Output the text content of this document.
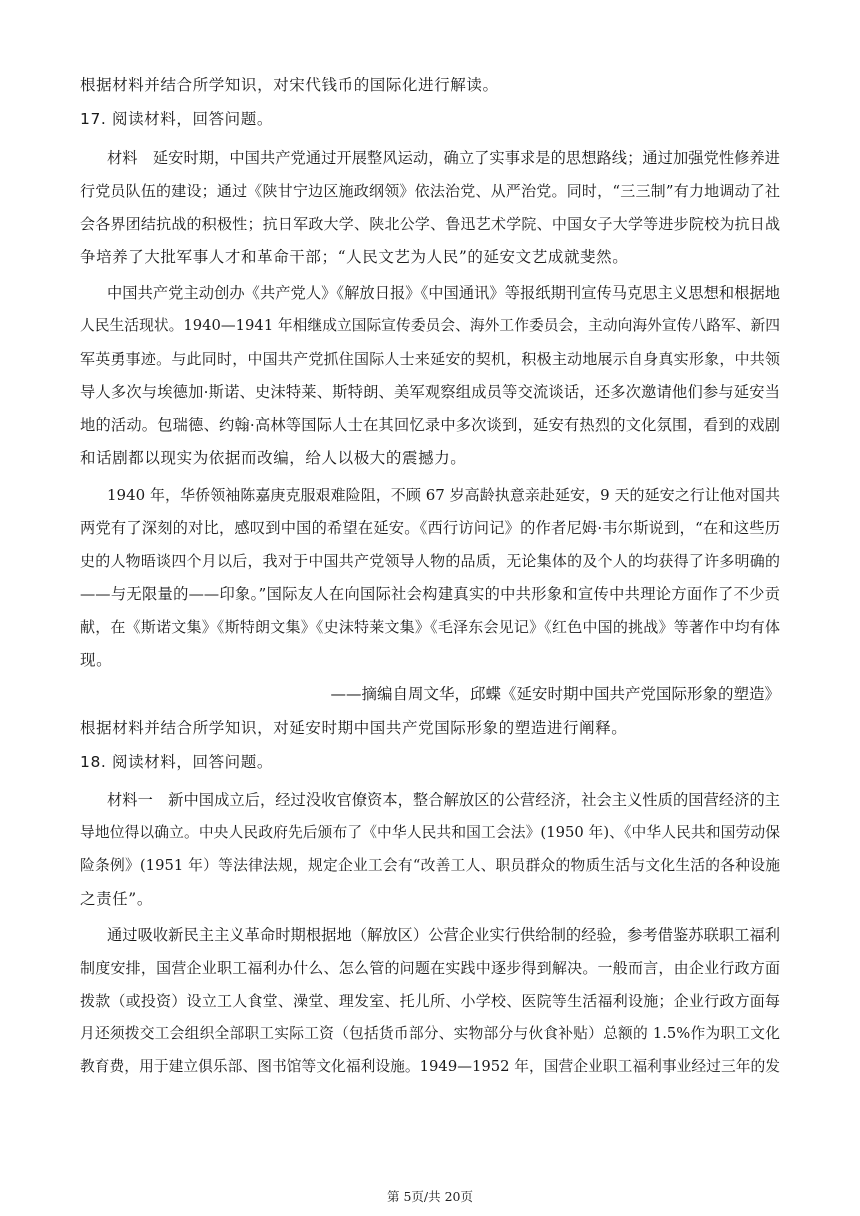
根据材料并结合所学知识，对宋代钱币的国际化进行解读。
17. 阅读材料，回答问题。
材料　延安时期，中国共产党通过开展整风运动，确立了实事求是的思想路线；通过加强党性修养进
行党员队伍的建设；通过《陕甘宁边区施政纲领》依法治党、从严治党。同时，“三三制”有力地调动了社
会各界团结抗战的积极性；抗日军政大学、陕北公学、鲁迅艺术学院、中国女子大学等进步院校为抗日战
争培养了大批军事人才和革命干部；“人民文艺为人民”的延安文艺成就斐然。
中国共产党主动创办《共产党人》《解放日报》《中国通讯》等报纸期刊宣传马克思主义思想和根据地
人民生活现状。1940—1941 年相继成立国际宣传委员会、海外工作委员会，主动向海外宣传八路军、新四
军英勇事迹。与此同时，中国共产党抓住国际人士来延安的契机，积极主动地展示自身真实形象，中共领
导人多次与埃德加·斯诺、史沫特莱、斯特朗、美军观察组成员等交流谈话，还多次邀请他们参与延安当
地的活动。包瑞德、约翰·高林等国际人士在其回忆录中多次谈到，延安有热烈的文化氛围，看到的戏剧
和话剧都以现实为依据而改编，给人以极大的震撼力。
1940 年，华侨领袖陈嘉庚克服艰难险阻，不顾 67 岁高龄执意亲赴延安，9 天的延安之行让他对国共
两党有了深刻的对比，感叹到中国的希望在延安。《西行访问记》的作者尼姆·韦尔斯说到，“在和这些历
史的人物晤谈四个月以后，我对于中国共产党领导人物的品质，无论集体的及个人的均获得了许多明确的
——与无限量的——印象。”国际友人在向国际社会构建真实的中共形象和宣传中共理论方面作了不少贡
献，在《斯诺文集》《斯特朗文集》《史沫特莱文集》《毛泽东会见记》《红色中国的挑战》等著作中均有体
现。
——摘编自周文华，邱蝶《延安时期中国共产党国际形象的塑造》
根据材料并结合所学知识，对延安时期中国共产党国际形象的塑造进行阐释。
18. 阅读材料，回答问题。
材料一　新中国成立后，经过没收官僚资本，整合解放区的公营经济，社会主义性质的国营经济的主
导地位得以确立。中央人民政府先后颁布了《中华人民共和国工会法》(1950 年)、《中华人民共和国劳动保
险条例》(1951 年）等法律法规，规定企业工会有“改善工人、职员群众的物质生活与文化生活的各种设施
之责任”。
通过吸收新民主主义革命时期根据地（解放区）公营企业实行供给制的经验，参考借鉴苏联职工福利
制度安排，国营企业职工福利办什么、怎么管的问题在实践中逐步得到解决。一般而言，由企业行政方面
拨款（或投资）设立工人食堂、澡堂、理发室、托儿所、小学校、医院等生活福利设施；企业行政方面每
月还须拨交工会组织全部职工实际工资（包括货币部分、实物部分与伙食补贴）总额的 1.5%作为职工文化
教育费，用于建立俱乐部、图书馆等文化福利设施。1949—1952 年，国营企业职工福利事业经过三年的发
第 5页/共 20页
